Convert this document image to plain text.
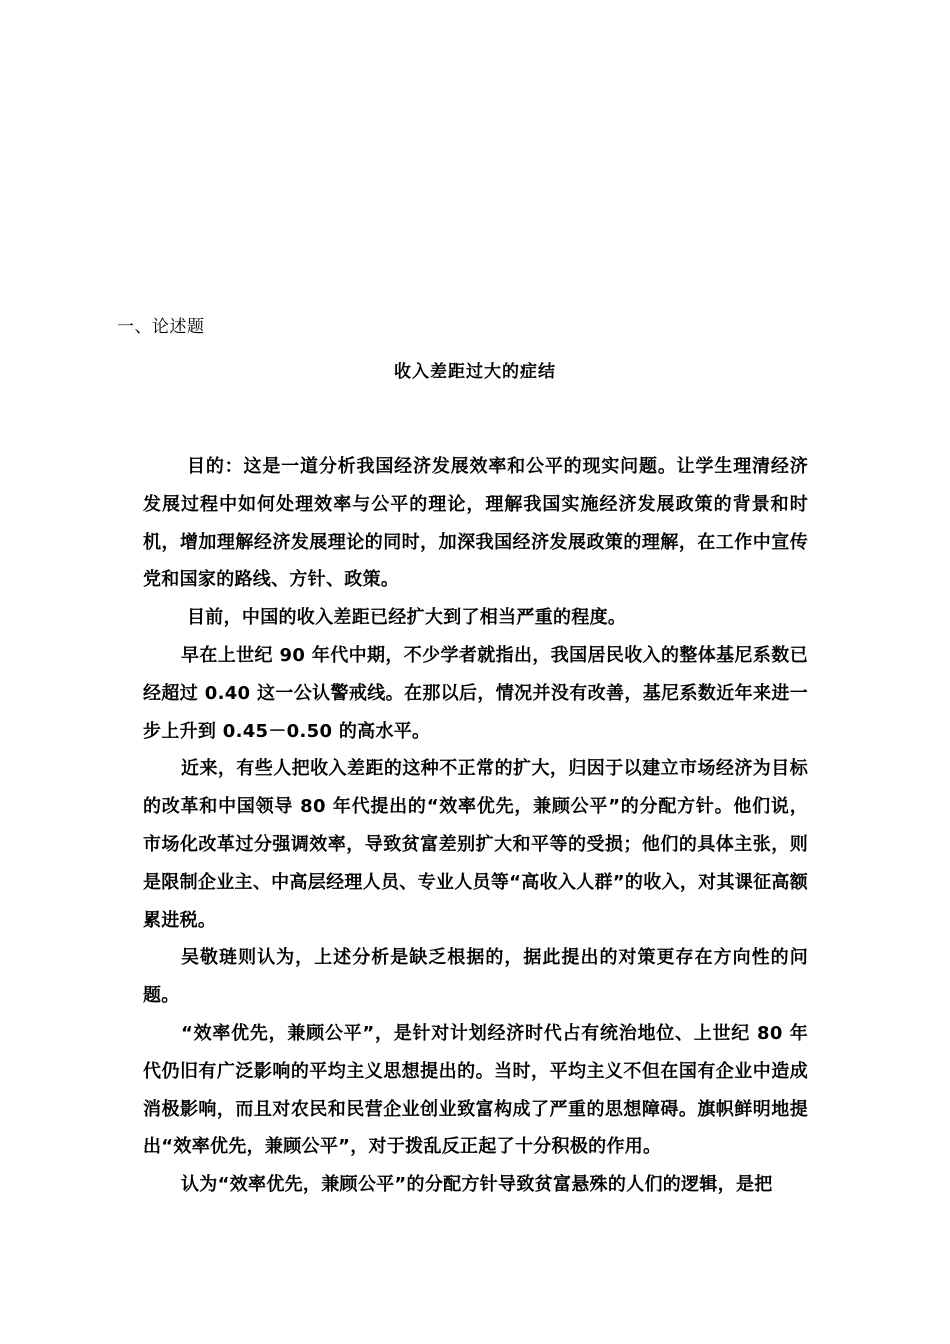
一、论述题
收入差距过大的症结

目的：这是一道分析我国经济发展效率和公平的现实问题。让学生理清经济发展过程中如何处理效率与公平的理论，理解我国实施经济发展政策的背景和时机，增加理解经济发展理论的同时，加深我国经济发展政策的理解，在工作中宣传党和国家的路线、方针、政策。

目前，中国的收入差距已经扩大到了相当严重的程度。

早在上世纪 90 年代中期，不少学者就指出，我国居民收入的整体基尼系数已经超过 0.40 这一公认警戒线。在那以后，情况并没有改善，基尼系数近年来进一步上升到 0.45－0.50 的高水平。

近来，有些人把收入差距的这种不正常的扩大，归因于以建立市场经济为目标的改革和中国领导 80 年代提出的“效率优先，兼顾公平”的分配方针。他们说，市场化改革过分强调效率，导致贫富差别扩大和平等的受损；他们的具体主张，则是限制企业主、中高层经理人员、专业人员等“高收入人群”的收入，对其课征高额累进税。

吴敬琏则认为，上述分析是缺乏根据的，据此提出的对策更存在方向性的问题。

“效率优先，兼顾公平”，是针对计划经济时代占有统治地位、上世纪 80 年代仍旧有广泛影响的平均主义思想提出的。当时，平均主义不但在国有企业中造成消极影响，而且对农民和民营企业创业致富构成了严重的思想障碍。旗帜鲜明地提出“效率优先，兼顾公平”，对于拨乱反正起了十分积极的作用。

认为“效率优先，兼顾公平”的分配方针导致贫富悬殊的人们的逻辑，是把
